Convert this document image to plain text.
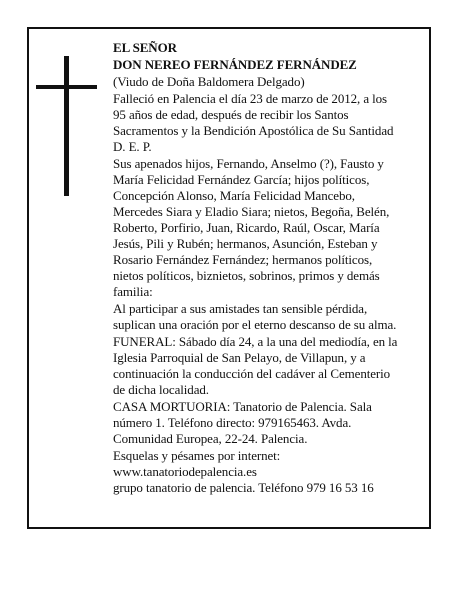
EL SEÑOR
DON NEREO FERNÁNDEZ FERNÁNDEZ
(Viudo de Doña Baldomera Delgado)
Falleció en Palencia el día 23 de marzo de 2012, a los
95 años de edad, después de recibir los Santos
Sacramentos y la Bendición Apostólica de Su Santidad
D. E. P.
Sus apenados hijos, Fernando, Anselmo (?), Fausto y
María Felicidad Fernández García; hijos políticos,
Concepción Alonso, María Felicidad Mancebo,
Mercedes Siara y Eladio Siara; nietos, Begoña, Belén,
Roberto, Porfirio, Juan, Ricardo, Raúl, Oscar, María
Jesús, Pili y Rubén; hermanos, Asunción, Esteban y
Rosario Fernández Fernández; hermanos políticos,
nietos políticos, biznietos, sobrinos, primos y demás
familia:
Al participar a sus amistades tan sensible pérdida,
suplican una oración por el eterno descanso de su alma.
FUNERAL: Sábado día 24, a la una del mediodía, en la
Iglesia Parroquial de San Pelayo, de Villapun, y a
continuación la conducción del cadáver al Cementerio
de dicha localidad.
CASA MORTUORIA: Tanatorio de Palencia. Sala
número 1. Teléfono directo: 979165463. Avda.
Comunidad Europea, 22-24. Palencia.
Esquelas y pésames por internet:
www.tanatoriodepalencia.es
grupo tanatorio de palencia. Teléfono 979 16 53 16
